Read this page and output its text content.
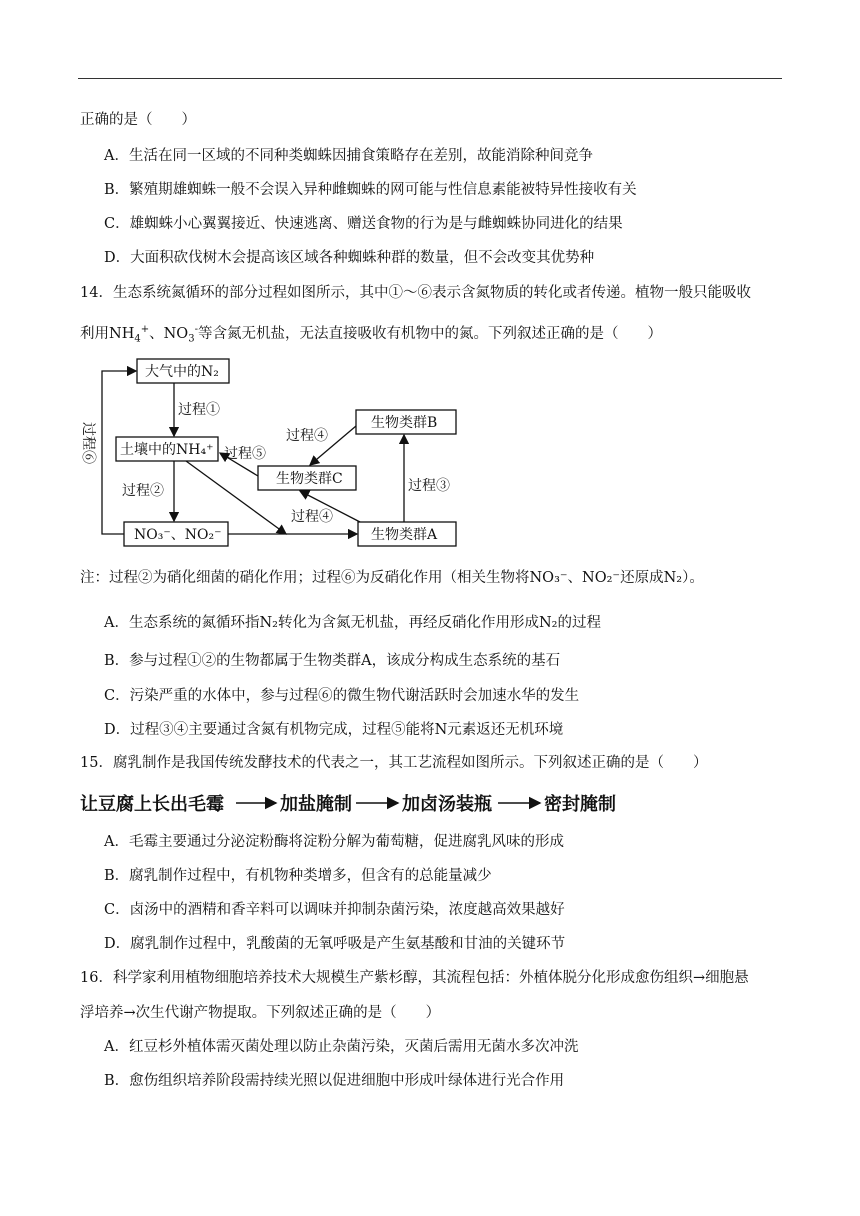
正确的是（　　）
A．生活在同一区域的不同种类蜘蛛因捕食策略存在差别，故能消除种间竞争
B．繁殖期雄蜘蛛一般不会误入异种雌蜘蛛的网可能与性信息素能被特异性接收有关
C．雄蜘蛛小心翼翼接近、快速逃离、赠送食物的行为是与雌蜘蛛协同进化的结果
D．大面积砍伐树木会提高该区域各种蜘蛛种群的数量，但不会改变其优势种
14．生态系统氮循环的部分过程如图所示，其中①～⑥表示含氮物质的转化或者传递。植物一般只能吸收
利用$NH_4^+$、$NO_3^-$等含氮无机盐，无法直接吸收有机物中的氮。下列叙述正确的是（　　）
大气中的N₂
土壤中的NH₄⁺
生物类群B
生物类群C
NO₃⁻、NO₂⁻	生物类群A
过程①
过程②	过程③
过程④
过程④
过程⑤
过程⑥
注：过程②为硝化细菌的硝化作用；过程⑥为反硝化作用（相关生物将NO₃⁻、NO₂⁻还原成N₂）。
A．生态系统的氮循环指N₂转化为含氮无机盐，再经反硝化作用形成N₂的过程
B．参与过程①②的生物都属于生物类群A，该成分构成生态系统的基石
C．污染严重的水体中，参与过程⑥的微生物代谢活跃时会加速水华的发生
D．过程③④主要通过含氮有机物完成，过程⑤能将N元素返还无机环境
15．腐乳制作是我国传统发酵技术的代表之一，其工艺流程如图所示。下列叙述正确的是（　　）
让豆腐上长出毛霉	加盐腌制	加卤汤装瓶	密封腌制
A．毛霉主要通过分泌淀粉酶将淀粉分解为葡萄糖，促进腐乳风味的形成
B．腐乳制作过程中，有机物种类增多，但含有的总能量减少
C．卤汤中的酒精和香辛料可以调味并抑制杂菌污染，浓度越高效果越好
D．腐乳制作过程中，乳酸菌的无氧呼吸是产生氨基酸和甘油的关键环节
16．科学家利用植物细胞培养技术大规模生产紫杉醇，其流程包括：外植体脱分化形成愈伤组织→细胞悬
浮培养→次生代谢产物提取。下列叙述正确的是（　　）
A．红豆杉外植体需灭菌处理以防止杂菌污染，灭菌后需用无菌水多次冲洗
B．愈伤组织培养阶段需持续光照以促进细胞中形成叶绿体进行光合作用
